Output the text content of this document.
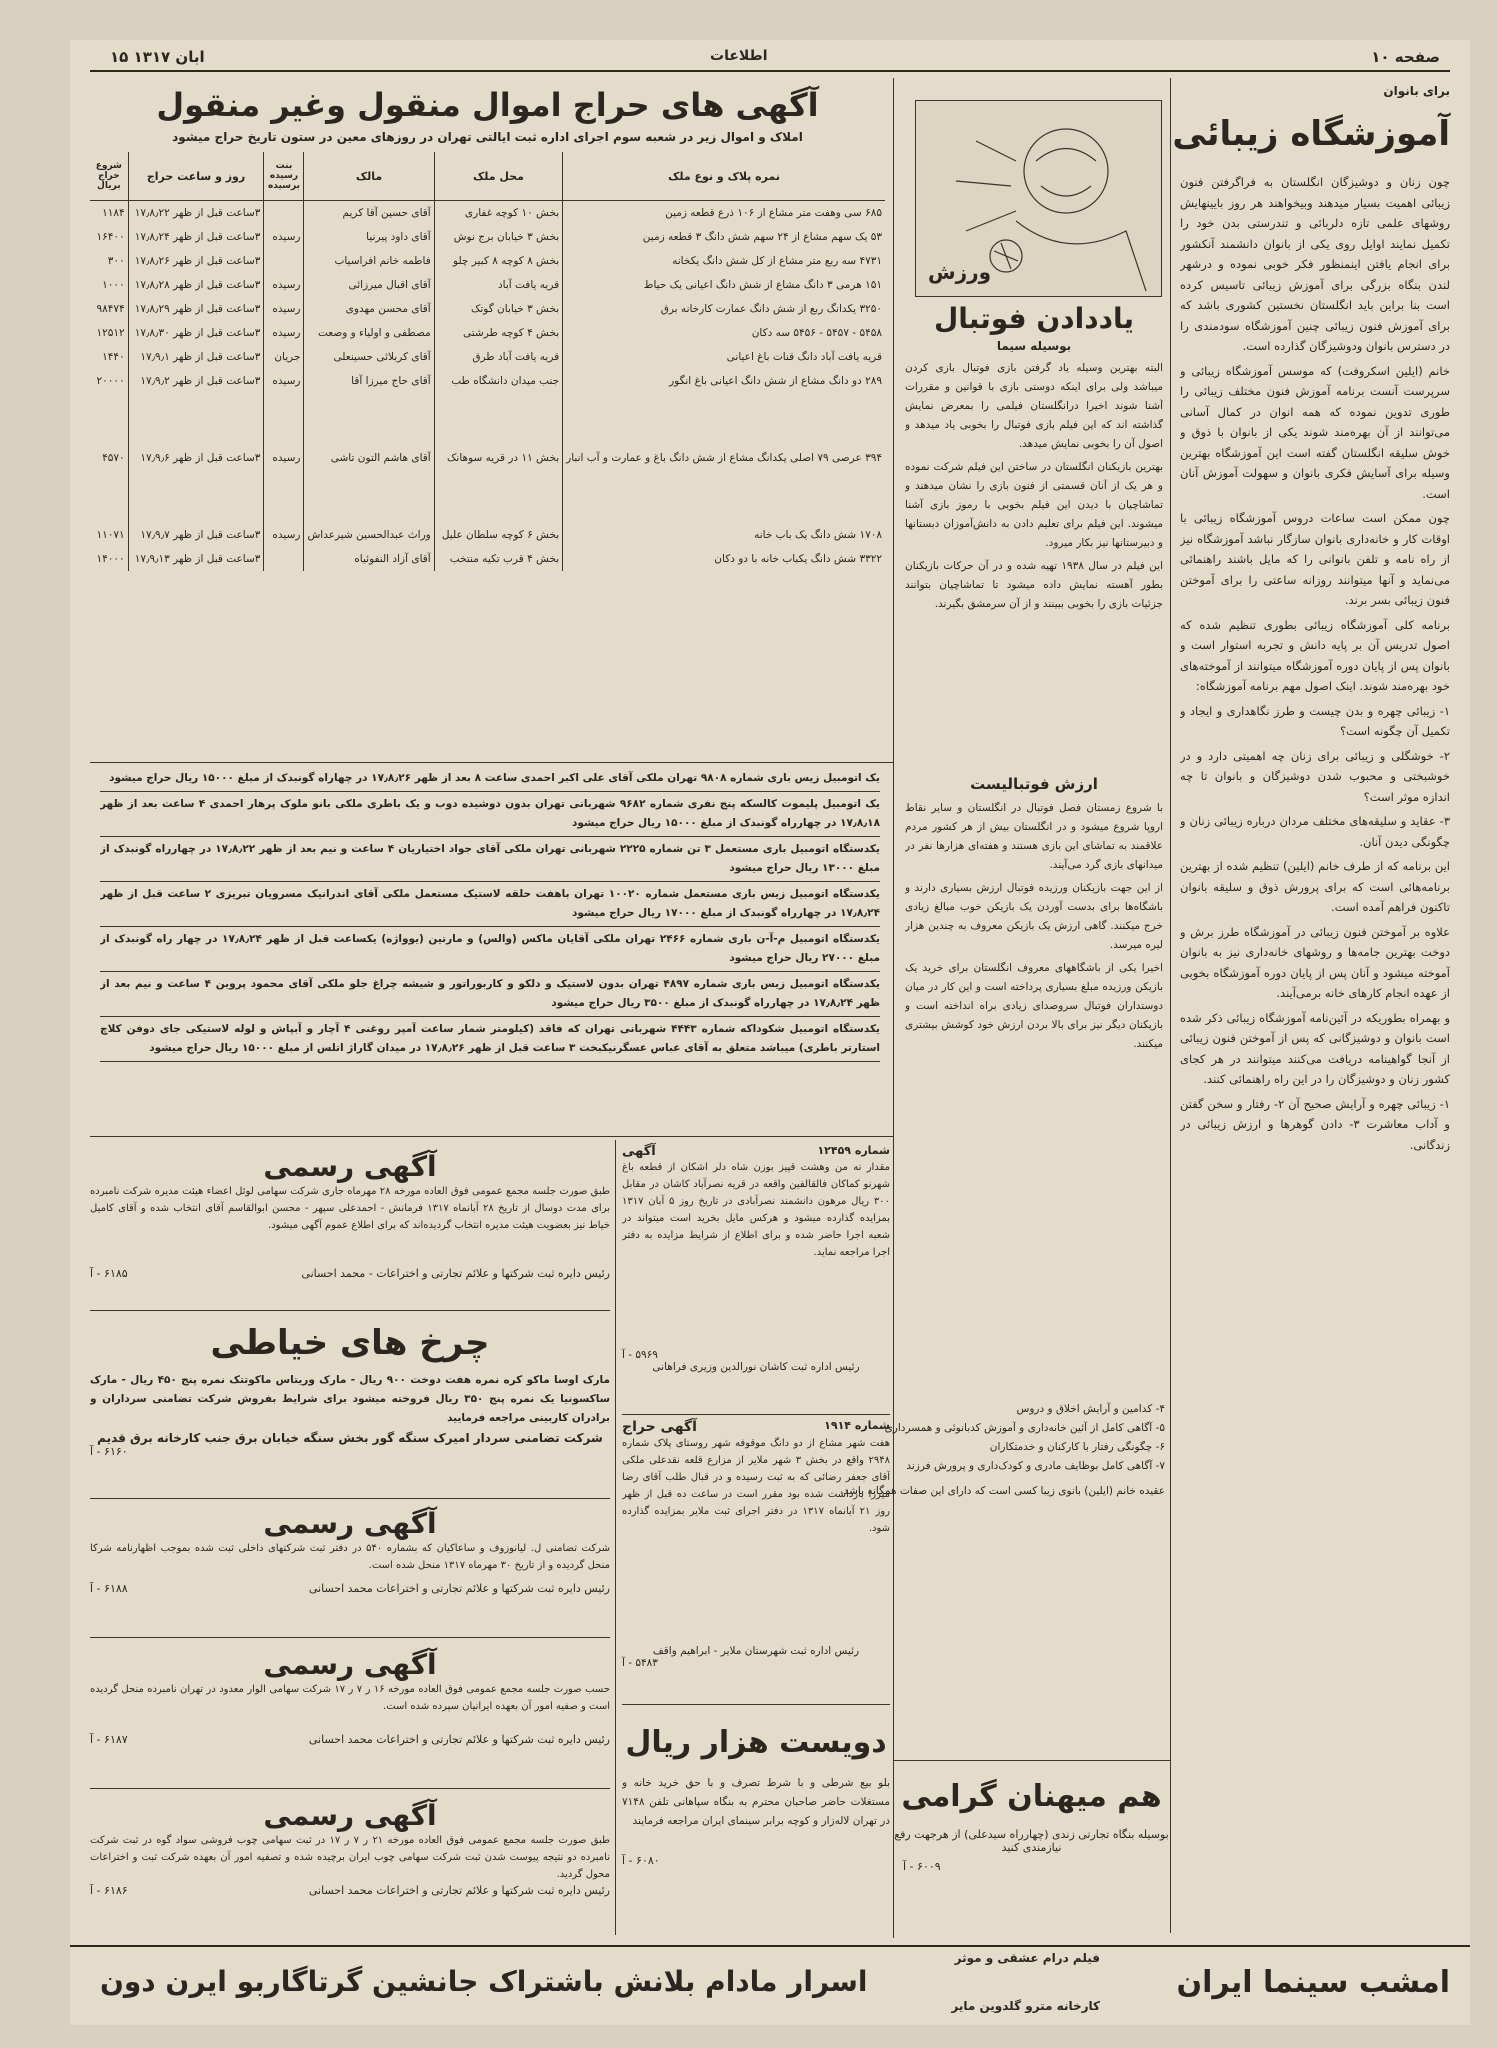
صفحه ۱۰
اطلاعات
۱۵ ابان ۱۳۱۷
برای بانوان
آموزشگاه زیبائی

چون زنان و دوشیزگان انگلستان به فراگرفتن فنون زیبائی اهمیت بسیار میدهند وبیخواهند هر روز بایینهایش روشهای علمی تازه دلربائی و تندرستی بدن خود را تکمیل نمایند اوایل روی یکی از بانوان دانشمند آنکشور برای انجام یافتن اینمنظور فکر خوبی نموده و درشهر لندن بنگاه بزرگی برای آموزش زیبائی تاسیس کرده است بنا براین باید انگلستان نخستین کشوری باشد که برای آموزش فنون زیبائی چنین آموزشگاه سودمندی را در دسترس بانوان ودوشیزگان گذارده است.

خانم (ایلین اسکروفت) که موسس آموزشگاه زیبائی و سرپرست آنست برنامه آموزش فنون مختلف زیبائی را طوری تدوین نموده که همه انوان در کمال آسانی می‌توانند از آن بهره‌مند شوند یکی از بانوان با ذوق و خوش سلیقه انگلستان گفته است این آموزشگاه بهترین وسیله برای آسایش فکری بانوان و سهولت آموزش آنان است.

چون ممکن است ساعات دروس آموزشگاه زیبائی با اوقات کار و خانه‌داری بانوان سازگار نباشد آموزشگاه نیز از راه نامه و تلفن بانوانی را که مایل باشند راهنمائی می‌نماید و آنها میتوانند روزانه ساعتی را برای آموختن فنون زیبائی بسر برند.

برنامه کلی آموزشگاه زیبائی بطوری تنظیم شده که اصول تدریس آن بر پایه دانش و تجربه استوار است و بانوان پس از پایان دوره آموزشگاه میتوانند از آموخته‌های خود بهره‌مند شوند. اینک اصول مهم برنامه آموزشگاه:

۱- زیبائی چهره و بدن چیست و طرز نگاهداری و ایجاد و تکمیل آن چگونه است؟

۲- خوشگلی و زیبائی برای زنان چه اهمیتی دارد و در خوشبختی و محبوب شدن دوشیزگان و بانوان تا چه اندازه موثر است؟

۳- عقاید و سلیقه‌های مختلف مردان درباره زیبائی زنان و چگونگی دیدن آنان.

این برنامه که از طرف خانم (ایلین) تنظیم شده از بهترین برنامه‌هائی است که برای پرورش ذوق و سلیقه بانوان تاکنون فراهم آمده است.

علاوه بر آموختن فنون زیبائی در آموزشگاه طرز برش و دوخت بهترین جامه‌ها و روشهای خانه‌داری نیز به بانوان آموخته میشود و آنان پس از پایان دوره آموزشگاه بخوبی از عهده انجام کارهای خانه برمی‌آیند.

و بهمراه بطوریکه در آئین‌نامه آموزشگاه زیبائی ذکر شده است بانوان و دوشیزگانی که پس از آموختن فنون زیبائی از آنجا گواهینامه دریافت می‌کنند میتوانند در هر کجای کشور زنان و دوشیزگان را در این راه راهنمائی کنند.

۱- زیبائی چهره و آرایش صحیح آن ۲- رفتار و سخن گفتن و آداب معاشرت ۳- دادن گوهرها و ارزش زیبائی در زندگانی.

ورزش
یاددادن فوتبال
بوسیله سیما

البته بهترین وسیله یاد گرفتن بازی فوتبال بازی کردن میباشد ولی برای اینکه دوستی بازی با قوانین و مقررات آشنا شوند اخیرا درانگلستان فیلمی را بمعرض نمایش گذاشته اند که این فیلم بازی فوتبال را بخوبی یاد میدهد و اصول آن را بخوبی نمایش میدهد.

بهترین بازیکنان انگلستان در ساختن این فیلم شرکت نموده و هر یک از آنان قسمتی از فنون بازی را نشان میدهند و تماشاچیان با دیدن این فیلم بخوبی با رموز بازی آشنا میشوند. این فیلم برای تعلیم دادن به دانش‌آموزان دبستانها و دبیرستانها نیز بکار میرود.

این فیلم در سال ۱۹۳۸ تهیه شده و در آن حرکات بازیکنان بطور آهسته نمایش داده میشود تا تماشاچیان بتوانند جزئیات بازی را بخوبی ببینند و از آن سرمشق بگیرند.

ارزش فوتبالیست

با شروع زمستان فصل فوتبال در انگلستان و سایر نقاط اروپا شروع میشود و در انگلستان بیش از هر کشور مردم علاقمند به تماشای این بازی هستند و هفته‌ای هزارها نفر در میدانهای بازی گرد می‌آیند.

از این جهت بازیکنان ورزیده فوتبال ارزش بسیاری دارند و باشگاه‌ها برای بدست آوردن یک بازیکن خوب مبالغ زیادی خرج میکنند. گاهی ارزش یک بازیکن معروف به چندین هزار لیره میرسد.

اخیرا یکی از باشگاههای معروف انگلستان برای خرید یک بازیکن ورزیده مبلغ بسیاری پرداخته است و این کار در میان دوستداران فوتبال سروصدای زیادی براه انداخته است و بازیکنان دیگر نیز برای بالا بردن ارزش خود کوشش بیشتری میکنند.

۴- کدامین و آرایش اخلاق و دروس
۵- آگاهی کامل از آئین خانه‌داری و آموزش کدبانوئی و همسرداری
۶- چگونگی رفتار با کارکنان و خدمتکاران
۷- آگاهی کامل بوظایف مادری و کودک‌داری و پرورش فرزند
عقیده خانم (ایلین) بانوی زیبا کسی است که دارای این صفات همگانه باشد.
هم میهنان گرامی
بوسیله بنگاه تجارتی زندی (چهارراه سیدعلی) از هرجهت رفع نیازمندی کنید
۶۰۰۹ - آ
آگهی های حراج اموال منقول وغیر منقول
املاک و اموال زیر در شعبه سوم اجرای اداره ثبت ایالتی تهران در روزهای معین در ستون تاریخ حراج میشود
نمره پلاک و نوع ملک	محل ملک	مالک	بنت رسیده برسیده	روز و ساعت حراج	شروع حراج بریال
۶۸۵ سی وهفت متر مشاع از ۱۰۶ ذرع قطعه زمین	بخش ۱۰ کوچه غفاری	آقای حسین آقا کریم		۳ساعت قبل از ظهر ۱۷٫۸٫۲۲	۱۱۸۴
۵۳ یک سهم مشاع از ۲۴ سهم شش دانگ ۳ قطعه زمین	بخش ۳ خیابان برج نوش	آقای داود پیرنیا	رسیده	۳ساعت قبل از ظهر ۱۷٫۸٫۲۴	۱۶۴۰۰
۴۷۳۱ سه ربع متر مشاع از کل شش دانگ یکخانه	بخش ۸ کوچه ۸ کبیر چلو	فاطمه خانم افراسیاب		۳ساعت قبل از ظهر ۱۷٫۸٫۲۶	۳۰۰
۱۵۱ هرمی ۳ دانگ مشاع از شش دانگ اعیانی یک حیاط	قریه یافت آباد	آقای اقبال میرزائی	رسیده	۳ساعت قبل از ظهر ۱۷٫۸٫۲۸	۱۰۰۰
۳۲۵۰ یکدانگ ربع از شش دانگ عمارت کارخانه برق	بخش ۳ خیابان گوتک	آقای محسن مهدوی	رسیده	۳ساعت قبل از ظهر ۱۷٫۸٫۲۹	۹۸۴۷۴
۵۴۵۸ - ۵۴۵۷ - ۵۴۵۶ سه دکان	بخش ۴ کوچه طرشتی	مصطفی و اولیاء و وصعت	رسیده	۳ساعت قبل از ظهر ۱۷٫۸٫۳۰	۱۲۵۱۲
قریه یافت آباد دانگ قنات باغ اعیانی	قریه یافت آباد طرق	آقای کربلائی حسینعلی	جریان	۳ساعت قبل از ظهر ۱۷٫۹٫۱	۱۴۴۰
۲۸۹ دو دانگ مشاع از شش دانگ اعیانی باغ انگور	جنب میدان دانشگاه طب	آقای حاج میرزا آقا	رسیده	۳ساعت قبل از ظهر ۱۷٫۹٫۲	۲۰۰۰۰
۳۹۴ عرصی ۷۹ اصلی یکدانگ مشاع از شش دانگ باغ و عمارت و آب انبار	بخش ۱۱ در قریه سوهانک	آقای هاشم التون تاشی	رسیده	۳ساعت قبل از ظهر ۱۷٫۹٫۶	۴۵۷۰
۱۷۰۸ شش دانگ یک باب خانه	بخش ۶ کوچه سلطان علیل	وراث عبدالحسین شیرعداش	رسیده	۳ساعت قبل از ظهر ۱۷٫۹٫۷	۱۱۰۷۱
۳۳۲۲ شش دانگ یکباب خانه با دو دکان	بخش ۴ قرب تکیه منتخب	آقای آزاد النفوئیاه		۳ساعت قبل از ظهر ۱۷٫۹٫۱۳	۱۴۰۰۰
یک اتومبیل زیس باری شماره ۹۸۰۸ تهران ملکی آقای علی اکبر احمدی ساعت ۸ بعد از ظهر ۱۷٫۸٫۲۶ در چهاراه گونبدک از مبلغ ۱۵۰۰۰ ریال حراج میشود
یک اتومبیل پلیموت کالسکه پنج نفری شماره ۹۶۸۲ شهربانی تهران بدون دوشیده دوب و یک باطری ملکی بانو ملوک پرهار احمدی ۴ ساعت بعد از ظهر ۱۷٫۸٫۱۸ در چهارراه گونبدک از مبلغ ۱۵۰۰۰ ریال حراج میشود
یکدستگاه اتومبیل باری مستعمل ۳ تن شماره ۲۲۲۵ شهربانی تهران ملکی آقای جواد اختیاریان ۴ ساعت و نیم بعد از ظهر ۱۷٫۸٫۲۲ در چهارراه گونبدک از مبلغ ۱۳۰۰۰ ریال حراج میشود
یکدستگاه اتومبیل زیس باری مستعمل شماره ۱۰۰۲۰ تهران باهفت حلقه لاستیک مستعمل ملکی آقای اندرانیک مسرویان تبریزی ۲ ساعت قبل از ظهر ۱۷٫۸٫۲۴ در چهارراه گونبدک از مبلغ ۱۷۰۰۰ ریال حراج میشود
یکدستگاه اتومبیل م-آ-ن باری شماره ۲۴۶۶ تهران ملکی آقایان ماکس (والس) و مارتین (یوواژه) یکساعت قبل از ظهر ۱۷٫۸٫۲۴ در چهار راه گونبدک از مبلغ ۲۷۰۰۰ ریال حراج میشود
یکدستگاه اتومبیل زیس باری شماره ۴۸۹۷ تهران بدون لاستیک و دلکو و کاربوراتور و شیشه چراغ جلو ملکی آقای محمود پروین ۴ ساعت و نیم بعد از ظهر ۱۷٫۸٫۲۴ در چهارراه گونبدک از مبلغ ۳۵۰۰ ریال حراج میشود
یکدستگاه اتومبیل شکوداکه شماره ۴۴۴۳ شهربانی تهران که فاقد (کیلومتر شمار ساعت آمپر روغنی ۴ آچار و آبپاش و لوله لاستیکی جای دوفن کلاچ استارتر باطری) میباشد متعلق به آقای عباس عسگرنیکبخت ۳ ساعت قبل از ظهر ۱۷٫۸٫۲۶ در میدان گاراژ اتلس از مبلغ ۱۵۰۰۰ ریال حراج میشود
آگهی رسمی
طبق صورت جلسه مجمع عمومی فوق العاده مورخه ۲۸ مهرماه جاری شرکت سهامی لوئل اعضاء هیئت مدیره شرکت نامبرده برای مدت دوسال از تاریخ ۲۸ آبانماه ۱۳۱۷ فرمانش - احمدعلی سپهر - محسن ابوالقاسم آقای انتخاب شده و آقای کامیل خیاط نیز بعضویت هیئت مدیره انتخاب گردیده‌اند که برای اطلاع عموم آگهی میشود.
رئیس دایره ثبت شرکتها و علائم تجارتی و اختراعات - محمد احسانی
۶۱۸۵ - آ
چرخ های خیاطی
مارک اوسا ماکو کره نمره هفت دوخت ۹۰۰ ریال - مارک وریتاس ماکوتتک نمره پنج ۴۵۰ ریال - مارک ساکسونیا یک نمره پنج ۳۵۰ ریال فروخته میشود برای شرایط بفروش شرکت تضامنی سرداران و برادران کاربینی مراجعه فرمایید
شرکت تضامنی سردار امیرک سنگه گور بخش سنگه خیابان برق جنب کارخانه برق قدیم
۶۱۶۰ - آ
آگهی رسمی
شرکت تضامنی ل. لیانوزوف و ساعاکیان که بشماره ۵۴۰ در دفتر ثبت شرکتهای داخلی ثبت شده بموجب اظهارنامه شرکا منحل گردیده و از تاریخ ۳۰ مهرماه ۱۳۱۷ منحل شده است.
رئیس دایره ثبت شرکتها و علائم تجارتی و اختراعات محمد احسانی
۶۱۸۸ - آ
آگهی رسمی
حسب صورت جلسه مجمع عمومی فوق العاده مورخه ۱۶ ر ۷ ر ۱۷ شرکت سهامی الوار معدود در تهران نامبرده منحل گردیده است و صفیه امور آن بعهده ایرانیان سپرده شده است.
رئیس دایره ثبت شرکتها و علائم تجارتی و اختراعات محمد احسانی
۶۱۸۷ - آ
آگهی رسمی
طبق صورت جلسه مجمع عمومی فوق العاده مورخه ۲۱ ر ۷ ر ۱۷ در ثبت سهامی چوب فروشی سواد گوه در ثبت شرکت نامبرده دو نتیجه پیوست شدن ثبت شرکت سهامی چوب ایران برچیده شده و تصفیه امور آن بعهده شرکت ثبت و اختراعات محول گردید.
رئیس دایره ثبت شرکتها و علائم تجارتی و اختراعات محمد احسانی
۶۱۸۶ - آ
شماره ۱۲۴۵۹
آگهی
مقدار نه من وهشت قپیز بوزن شاه دلر اشکان از قطعه باغ شهرنو کماکان فالقالفین واقعه در قریه نصرآباد کاشان در مقابل ۳۰۰ ریال مرهون دانشمند نصرآبادی در تاریخ روز ۵ آبان ۱۳۱۷ بمزایده گذارده میشود و هرکس مایل بخرید است میتواند در شعبه اجرا حاضر شده و برای اطلاع از شرایط مزایده به دفتر اجرا مراجعه نماید.
۵۹۶۹ - آ
رئیس اداره ثبت کاشان نورالدین وزیری فراهانی
شماره ۱۹۱۴
آگهی حراج
هفت شهر مشاع از دو دانگ موقوفه شهر روستای پلاک شماره ۲۹۴۸ واقع در بخش ۳ شهر ملایر از مزارع قلعه نقدعلی ملکی آقای جعفر رضائی که به ثبت رسیده و در قبال طلب آقای رضا میرزا بازداشت شده بود مقرر است در ساعت ده قبل از ظهر روز ۲۱ آبانماه ۱۳۱۷ در دفتر اجرای ثبت ملایر بمزایده گذارده شود.
رئیس اداره ثبت شهرستان ملایر - ابراهیم واقف
۵۴۸۳ - آ
دویست هزار ریال
بلو بیع شرطی و با شرط تصرف و با حق خرید خانه و مستغلات حاضر صاحبان محترم به بنگاه سپاهانی تلفن ۷۱۴۸ در تهران لاله‌زار و کوچه برابر سینمای ایران مراجعه فرمایند
۶۰۸۰ - آ
امشب سینما ایران
فیلم درام عشقی و موثر
کارخانه مترو گلدوین مایر
اسرار مادام بلانش باشتراک جانشین گرتاگاربو ایرن دون
